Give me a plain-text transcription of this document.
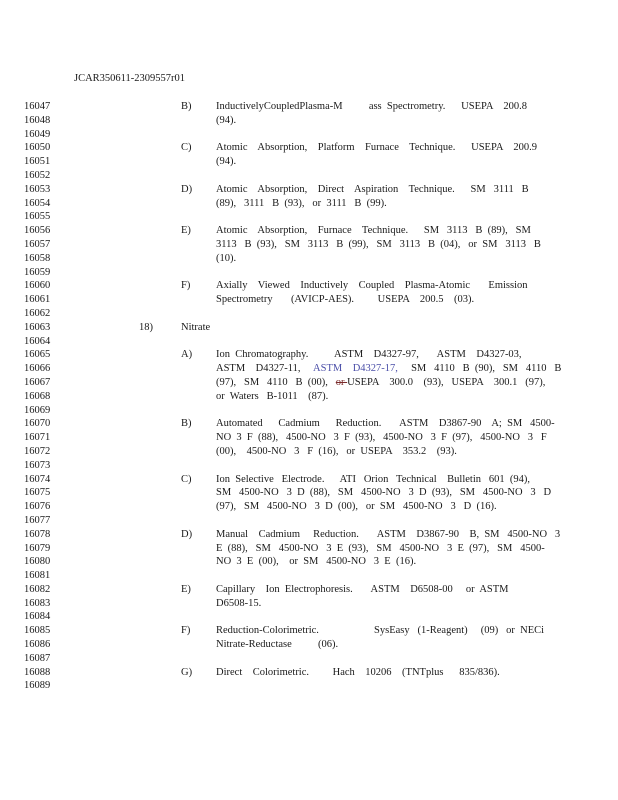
JCAR350611-2309557r01
16047
16048
16049
16050
16051
16052
16053
16054
16055
16056
16057
16058
16059
16060
16061
16062
16063
16064
16065
16066
16067
16068
16069
16070
16071
16072
16073
16074
16075
16076
16077
16078
16079
16080
16081
16082
16083
16084
16085
16086
16087
16088
16089
B) InductivelyCoupledPlasma-M          ass  Spectrometry.      USEPA    200.8
(94).
C) Atomic    Absorption,    Platform    Furnace    Technique.      USEPA    200.9
(94).
D) Atomic    Absorption,    Direct    Aspiration    Technique.      SM   3111   B
(89),   3111   B  (93),   or  3111   B  (99).
E) Atomic    Absorption,    Furnace    Technique.      SM   3113   B  (89),   SM
3113   B  (93),   SM   3113   B  (99),   SM   3113   B  (04),   or  SM   3113   B
(10).
F) Axially    Viewed    Inductively    Coupled    Plasma-Atomic       Emission
Spectrometry       (AVICP-AES).         USEPA    200.5    (03).
18)	Nitrate
A) Ion  Chromatography.          ASTM    D4327-97,       ASTM    D4327-03,
ASTM    D4327-11,     ASTM    D4327-17,     SM   4110   B  (90),   SM   4110   B
(97),   SM   4110   B  (00),   or USEPA    300.0    (93),   USEPA    300.1   (97),
or  Waters   B-1011    (87).
B) Automated      Cadmium      Reduction.       ASTM    D3867-90    A;  SM   4500-
NO  3  F  (88),   4500-NO   3  F  (93),   4500-NO   3  F  (97),   4500-NO   3   F
(00),    4500-NO   3   F  (16),   or  USEPA    353.2    (93).
C) Ion  Selective   Electrode.      ATI   Orion   Technical    Bulletin   601  (94),
SM   4500-NO   3  D  (88),   SM   4500-NO   3  D  (93),   SM   4500-NO   3   D
(97),   SM   4500-NO   3  D  (00),   or  SM   4500-NO   3   D  (16).
D) Manual    Cadmium     Reduction.       ASTM    D3867-90    B,  SM   4500-NO   3
E  (88),   SM   4500-NO   3  E  (93),   SM   4500-NO   3  E  (97),   SM   4500-
NO  3  E  (00),    or  SM   4500-NO   3  E  (16).
E) Capillary    Ion  Electrophoresis.       ASTM    D6508-00     or  ASTM
D6508-15.
F) Reduction-Colorimetric.                     SysEasy   (1-Reagent)     (09)   or  NECi
Nitrate-Reductase          (06).
G) Direct    Colorimetric.         Hach    10206    (TNTplus      835/836).
